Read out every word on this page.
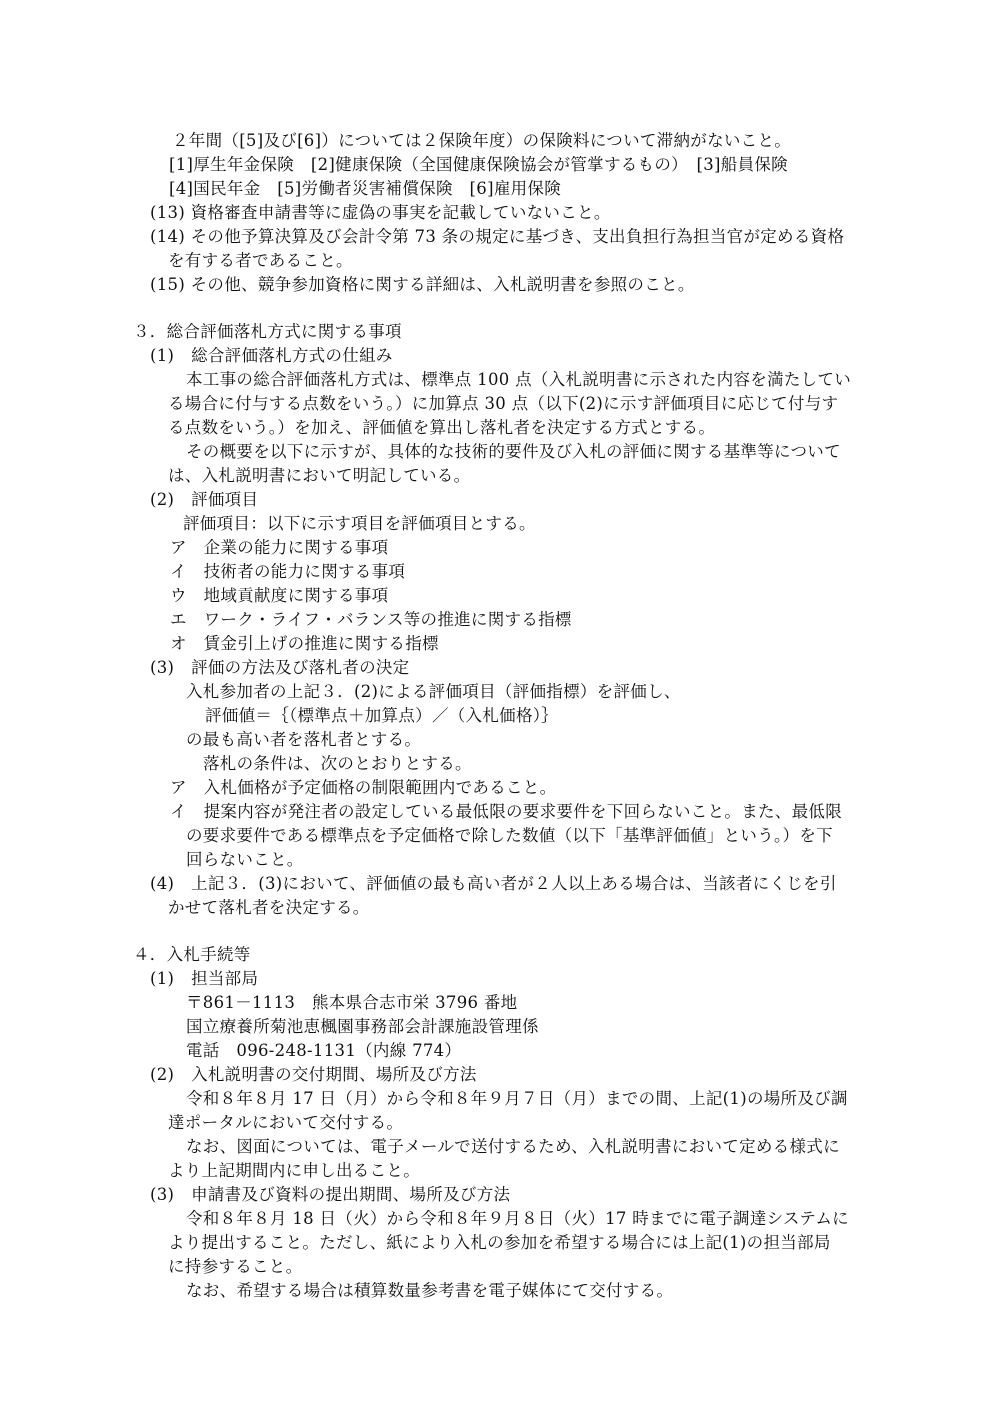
２年間（[5]及び[6]）については２保険年度）の保険料について滞納がないこと。
[1]厚生年金保険　[2]健康保険（全国健康保険協会が管掌するもの）　[3]船員保険
[4]国民年金　[5]労働者災害補償保険　[6]雇用保険
(13) 資格審査申請書等に虚偽の事実を記載していないこと。
(14) その他予算決算及び会計令第 73 条の規定に基づき、支出負担行為担当官が定める資格
を有する者であること。
(15) その他、競争参加資格に関する詳細は、入札説明書を参照のこと。
３．総合評価落札方式に関する事項
(1)　総合評価落札方式の仕組み
本工事の総合評価落札方式は、標準点 100 点（入札説明書に示された内容を満たしてい
る場合に付与する点数をいう。）に加算点 30 点（以下(2)に示す評価項目に応じて付与す
る点数をいう。）を加え、評価値を算出し落札者を決定する方式とする。
その概要を以下に示すが、具体的な技術的要件及び入札の評価に関する基準等について
は、入札説明書において明記している。
(2)　評価項目
評価項目：以下に示す項目を評価項目とする。
ア　企業の能力に関する事項
イ　技術者の能力に関する事項
ウ　地域貢献度に関する事項
エ　ワーク・ライフ・バランス等の推進に関する指標
オ　賃金引上げの推進に関する指標
(3)　評価の方法及び落札者の決定
入札参加者の上記３．(2)による評価項目（評価指標）を評価し、
評価値＝｛（標準点＋加算点）／（入札価格）｝
の最も高い者を落札者とする。
落札の条件は、次のとおりとする。
ア　入札価格が予定価格の制限範囲内であること。
イ　提案内容が発注者の設定している最低限の要求要件を下回らないこと。また、最低限
の要求要件である標準点を予定価格で除した数値（以下「基準評価値」という。）を下
回らないこと。
(4)　上記３．(3)において、評価値の最も高い者が２人以上ある場合は、当該者にくじを引
かせて落札者を決定する。
４．入札手続等
(1)　担当部局
〒861－1113　熊本県合志市栄 3796 番地
国立療養所菊池恵楓園事務部会計課施設管理係
電話　096-248-1131（内線 774）
(2)　入札説明書の交付期間、場所及び方法
令和８年８月 17 日（月）から令和８年９月７日（月）までの間、上記(1)の場所及び調
達ポータルにおいて交付する。
なお、図面については、電子メールで送付するため、入札説明書において定める様式に
より上記期間内に申し出ること。
(3)　申請書及び資料の提出期間、場所及び方法
令和８年８月 18 日（火）から令和８年９月８日（火）17 時までに電子調達システムに
より提出すること。ただし、紙により入札の参加を希望する場合には上記(1)の担当部局
に持参すること。
なお、希望する場合は積算数量参考書を電子媒体にて交付する。
